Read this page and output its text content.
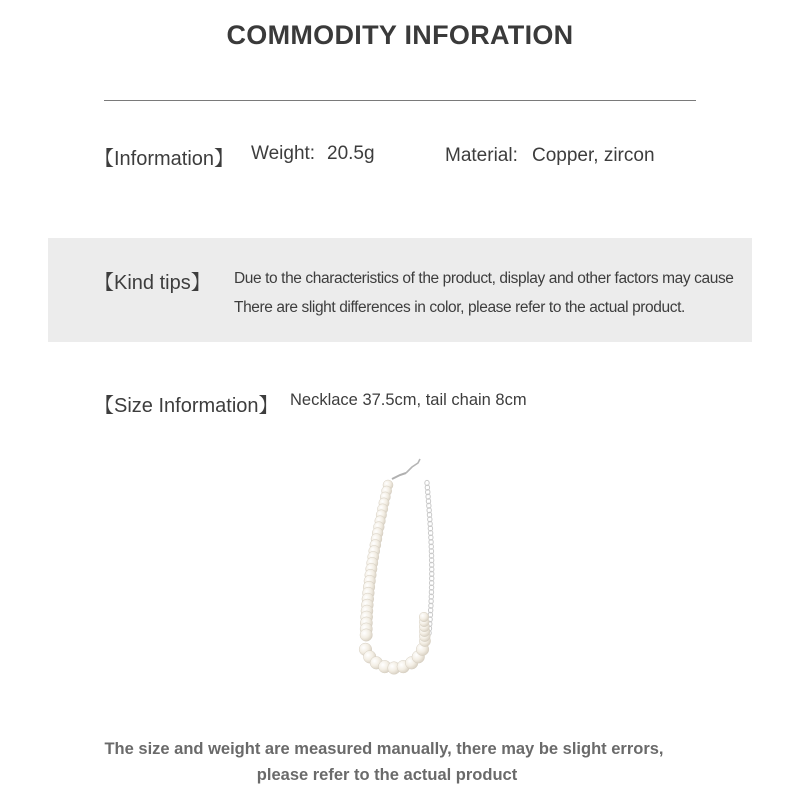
COMMODITY INFORATION
【Information】 Weight: 20.5g	Material: Copper, zircon
【Kind tips】 Due to the characteristics of the product, display and other factors may cause
There are slight differences in color, please refer to the actual product.
【Size Information】 Necklace 37.5cm, tail chain 8cm
The size and weight are measured manually, there may be slight errors,
please refer to the actual product
